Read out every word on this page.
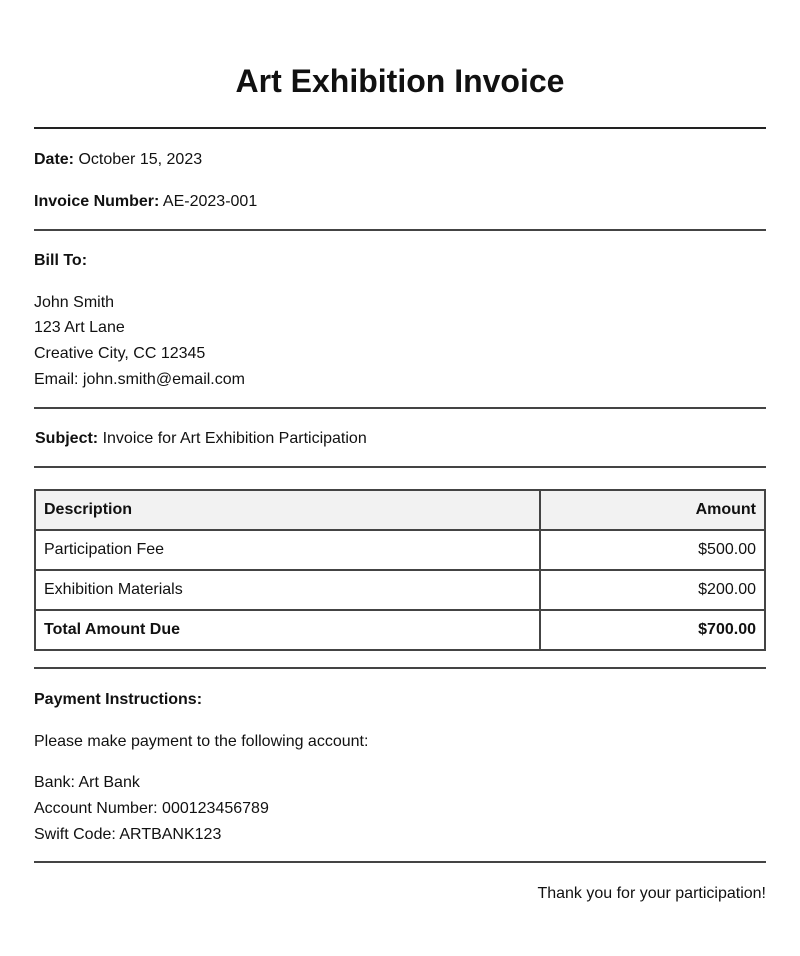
Art Exhibition Invoice
Date: October 15, 2023
Invoice Number: AE-2023-001
Bill To:
John Smith
123 Art Lane
Creative City, CC 12345
Email: john.smith@email.com
Subject: Invoice for Art Exhibition Participation
Description	Amount
Participation Fee	$500.00
Exhibition Materials	$200.00
Total Amount Due	$700.00
Payment Instructions:
Please make payment to the following account:
Bank: Art Bank
Account Number: 000123456789
Swift Code: ARTBANK123
Thank you for your participation!
